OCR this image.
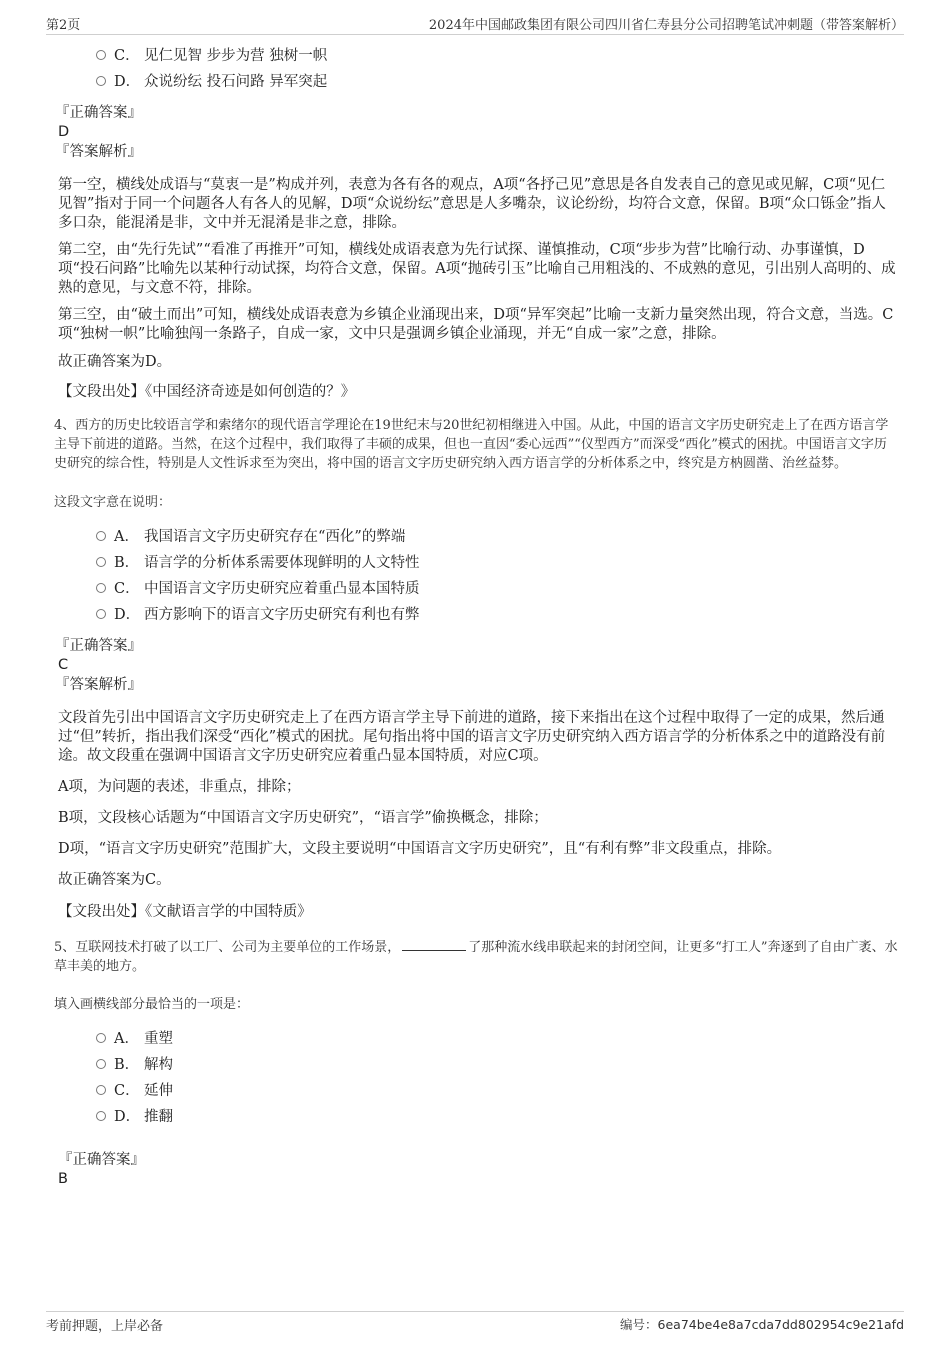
第2页	2024年中国邮政集团有限公司四川省仁寿县分公司招聘笔试冲刺题（带答案解析）
C． 见仁见智 步步为营 独树一帜
D． 众说纷纭 投石问路 异军突起
『正确答案』
D
『答案解析』

第一空，横线处成语与“莫衷一是”构成并列，表意为各有各的观点，A项“各抒己见”意思是各自发表自己的意见或见解，C项“见仁见智”指对于同一个问题各人有各人的见解，D项“众说纷纭”意思是人多嘴杂，议论纷纷，均符合文意，保留。B项“众口铄金”指人多口杂，能混淆是非，文中并无混淆是非之意，排除。

第二空，由“先行先试”“看准了再推开”可知，横线处成语表意为先行试探、谨慎推动，C项“步步为营”比喻行动、办事谨慎，D项“投石问路”比喻先以某种行动试探，均符合文意，保留。A项“抛砖引玉”比喻自己用粗浅的、不成熟的意见，引出别人高明的、成熟的意见，与文意不符，排除。

第三空，由“破土而出”可知，横线处成语表意为乡镇企业涌现出来，D项“异军突起”比喻一支新力量突然出现，符合文意，当选。C项“独树一帜”比喻独闯一条路子，自成一家，文中只是强调乡镇企业涌现，并无“自成一家”之意，排除。

故正确答案为D。

【文段出处】《中国经济奇迹是如何创造的？》
4、西方的历史比较语言学和索绪尔的现代语言学理论在19世纪末与20世纪初相继进入中国。从此，中国的语言文字历史研究走上了在西方语言学主导下前进的道路。当然，在这个过程中，我们取得了丰硕的成果，但也一直因“委心远西”“仪型西方”而深受“西化”模式的困扰。中国语言文字历史研究的综合性，特别是人文性诉求至为突出，将中国的语言文字历史研究纳入西方语言学的分析体系之中，终究是方枘圆凿、治丝益棼。
这段文字意在说明：
A． 我国语言文字历史研究存在“西化”的弊端
B． 语言学的分析体系需要体现鲜明的人文特性
C． 中国语言文字历史研究应着重凸显本国特质
D． 西方影响下的语言文字历史研究有利也有弊
『正确答案』
C
『答案解析』

文段首先引出中国语言文字历史研究走上了在西方语言学主导下前进的道路，接下来指出在这个过程中取得了一定的成果，然后通过“但”转折，指出我们深受“西化”模式的困扰。尾句指出将中国的语言文字历史研究纳入西方语言学的分析体系之中的道路没有前途。故文段重在强调中国语言文字历史研究应着重凸显本国特质，对应C项。

A项，为问题的表述，非重点，排除；

B项，文段核心话题为“中国语言文字历史研究”，“语言学”偷换概念，排除；

D项，“语言文字历史研究”范围扩大，文段主要说明“中国语言文字历史研究”，且“有利有弊”非文段重点，排除。

故正确答案为C。

【文段出处】《文献语言学的中国特质》
5、互联网技术打破了以工厂、公司为主要单位的工作场景，	了那种流水线串联起来的封闭空间，让更多“打工人”奔逐到了自由广袤、水草丰美的地方。
填入画横线部分最恰当的一项是：
A． 重塑
B． 解构
C． 延伸
D． 推翻
『正确答案』
B
考前押题，上岸必备	编号：6ea74be4e8a7cda7dd802954c9e21afd
